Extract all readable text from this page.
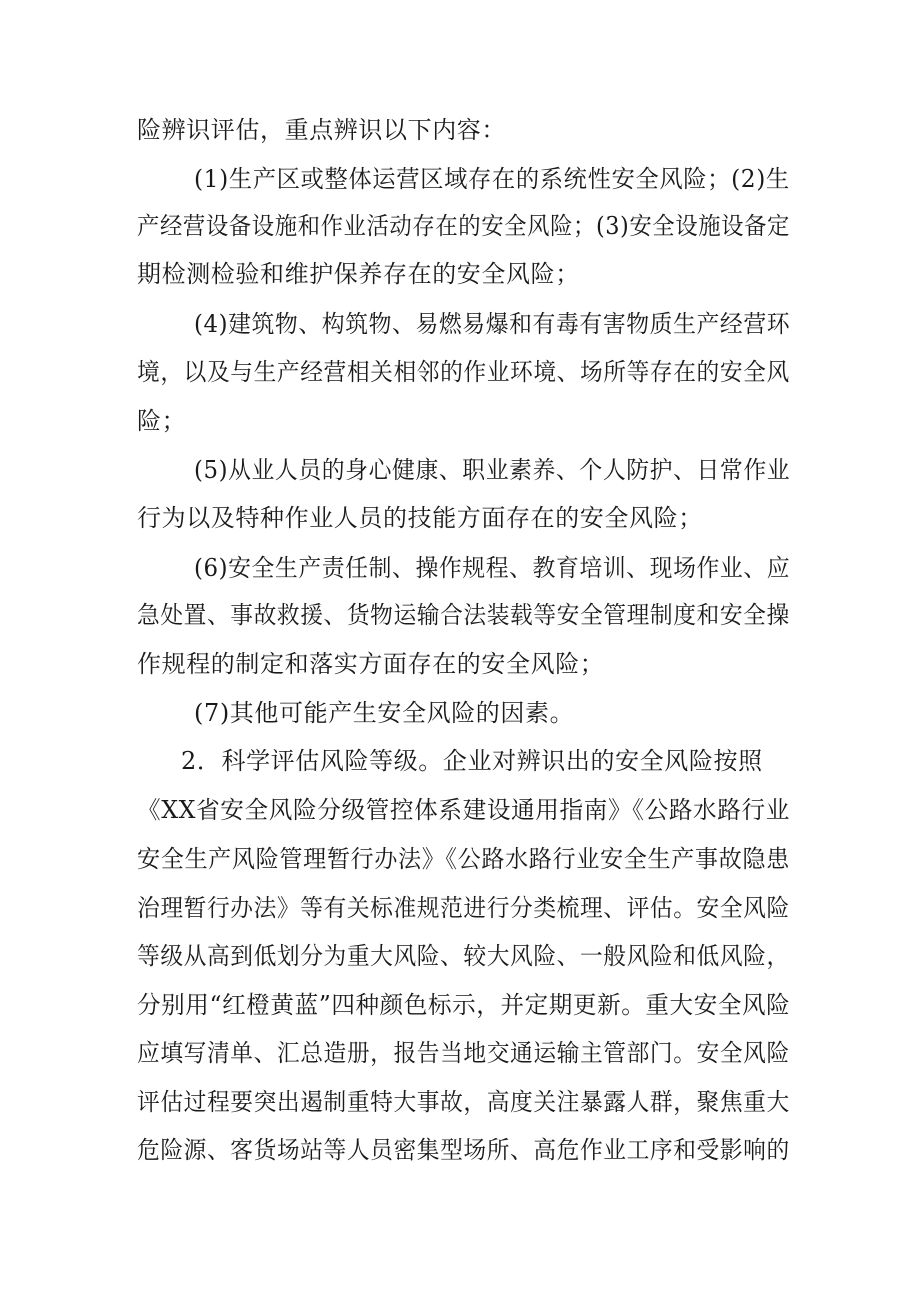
险辨识评估，重点辨识以下内容：
(1)生产区或整体运营区域存在的系统性安全风险；(2)生
产经营设备设施和作业活动存在的安全风险；(3)安全设施设备定
期检测检验和维护保养存在的安全风险；
(4)建筑物、构筑物、易燃易爆和有毒有害物质生产经营环
境，以及与生产经营相关相邻的作业环境、场所等存在的安全风
险；
(5)从业人员的身心健康、职业素养、个人防护、日常作业
行为以及特种作业人员的技能方面存在的安全风险；
(6)安全生产责任制、操作规程、教育培训、现场作业、应
急处置、事故救援、货物运输合法装载等安全管理制度和安全操
作规程的制定和落实方面存在的安全风险；
(7)其他可能产生安全风险的因素。
2．科学评估风险等级。企业对辨识出的安全风险按照
《XX省安全风险分级管控体系建设通用指南》《公路水路行业
安全生产风险管理暂行办法》《公路水路行业安全生产事故隐患
治理暂行办法》等有关标准规范进行分类梳理、评估。安全风险
等级从高到低划分为重大风险、较大风险、一般风险和低风险，
分别用“红橙黄蓝”四种颜色标示，并定期更新。重大安全风险
应填写清单、汇总造册，报告当地交通运输主管部门。安全风险
评估过程要突出遏制重特大事故，高度关注暴露人群，聚焦重大
危险源、客货场站等人员密集型场所、高危作业工序和受影响的
